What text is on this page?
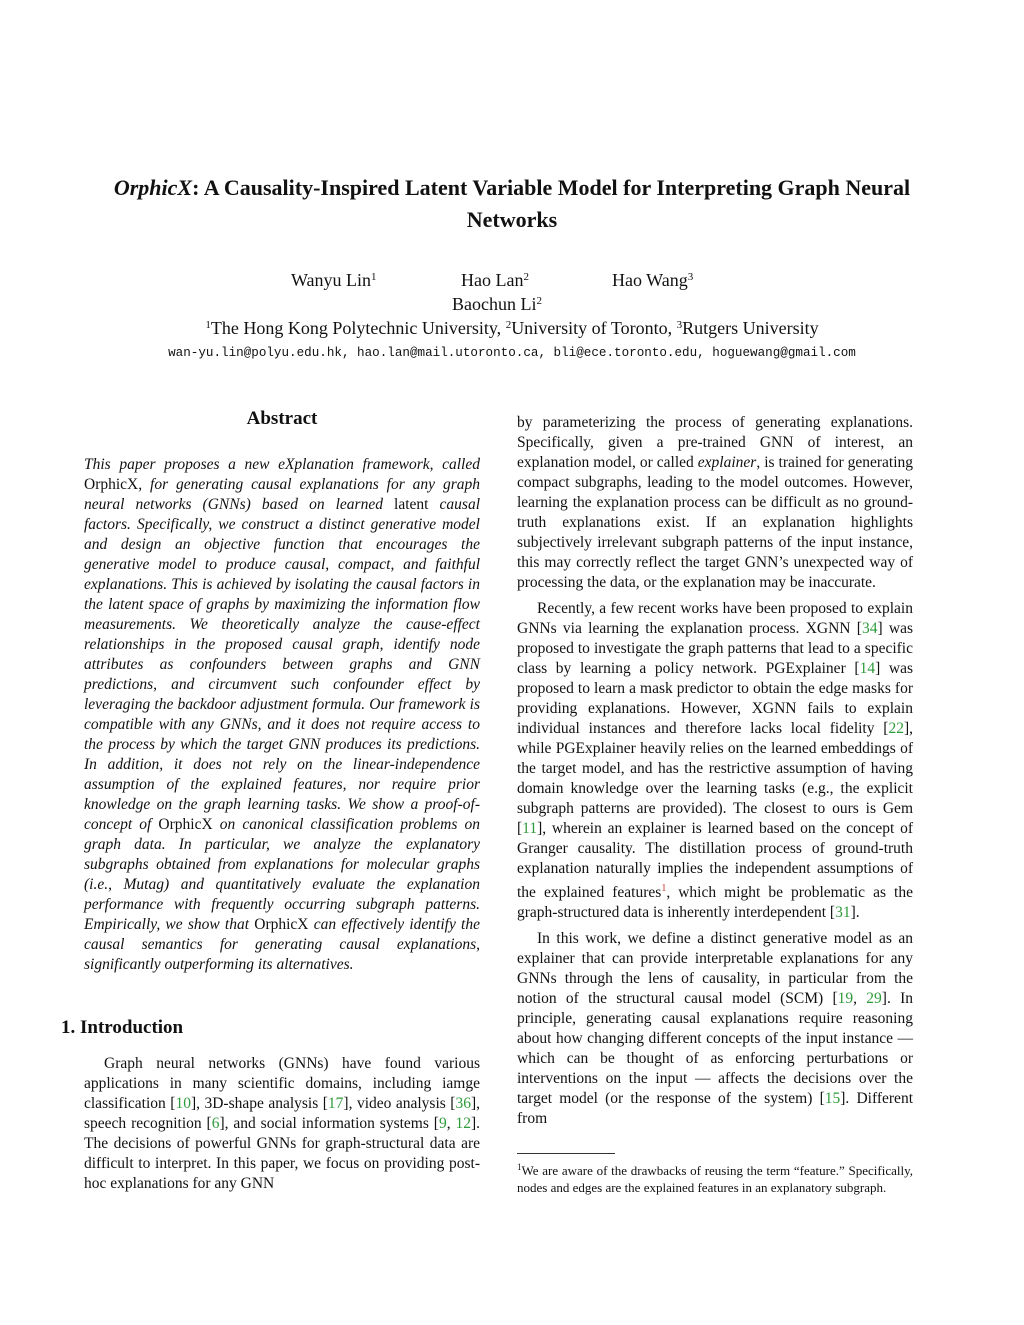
OrphicX: A Causality-Inspired Latent Variable Model for Interpreting Graph Neural Networks
Wanyu Lin$^1$	Hao Lan$^2$	Hao Wang$^3$
Baochun Li$^2$
$^1$The Hong Kong Polytechnic University, $^2$University of Toronto, $^3$Rutgers University
wan-yu.lin@polyu.edu.hk, hao.lan@mail.utoronto.ca, bli@ece.toronto.edu, hoguewang@gmail.com
Abstract
This paper proposes a new eXplanation framework, called OrphicX, for generating causal explanations for any graph neural networks (GNNs) based on learned latent causal factors. Specifically, we construct a distinct generative model and design an objective function that encourages the generative model to produce causal, compact, and faithful explanations. This is achieved by isolating the causal factors in the latent space of graphs by maximizing the information flow measurements. We theoretically analyze the cause-effect relationships in the proposed causal graph, identify node attributes as confounders between graphs and GNN predictions, and circumvent such confounder effect by leveraging the backdoor adjustment formula. Our framework is compatible with any GNNs, and it does not require access to the process by which the target GNN produces its predictions. In addition, it does not rely on the linear-independence assumption of the explained features, nor require prior knowledge on the graph learning tasks. We show a proof-of-concept of OrphicX on canonical classification problems on graph data. In particular, we analyze the explanatory subgraphs obtained from explanations for molecular graphs (i.e., Mutag) and quantitatively evaluate the explanation performance with frequently occurring subgraph patterns. Empirically, we show that OrphicX can effectively identify the causal semantics for generating causal explanations, significantly outperforming its alternatives.
1. Introduction

Graph neural networks (GNNs) have found various applications in many scientific domains, including iamge classification [10], 3D-shape analysis [17], video analysis [36], speech recognition [6], and social information systems [9, 12]. The decisions of powerful GNNs for graph-structural data are difficult to interpret. In this paper, we focus on providing post-hoc explanations for any GNN

by parameterizing the process of generating explanations. Specifically, given a pre-trained GNN of interest, an explanation model, or called explainer, is trained for generating compact subgraphs, leading to the model outcomes. However, learning the explanation process can be difficult as no ground-truth explanations exist. If an explanation highlights subjectively irrelevant subgraph patterns of the input instance, this may correctly reflect the target GNN’s unexpected way of processing the data, or the explanation may be inaccurate.

Recently, a few recent works have been proposed to explain GNNs via learning the explanation process. XGNN [34] was proposed to investigate the graph patterns that lead to a specific class by learning a policy network. PGExplainer [14] was proposed to learn a mask predictor to obtain the edge masks for providing explanations. However, XGNN fails to explain individual instances and therefore lacks local fidelity [22], while PGExplainer heavily relies on the learned embeddings of the target model, and has the restrictive assumption of having domain knowledge over the learning tasks (e.g., the explicit subgraph patterns are provided). The closest to ours is Gem [11], wherein an explainer is learned based on the concept of Granger causality. The distillation process of ground-truth explanation naturally implies the independent assumptions of the explained features$^1$, which might be problematic as the graph-structured data is inherently interdependent [31].

In this work, we define a distinct generative model as an explainer that can provide interpretable explanations for any GNNs through the lens of causality, in particular from the notion of the structural causal model (SCM) [19, 29]. In principle, generating causal explanations require reasoning about how changing different concepts of the input instance — which can be thought of as enforcing perturbations or interventions on the input — affects the decisions over the target model (or the response of the system) [15]. Different from

$^1$We are aware of the drawbacks of reusing the term “feature.” Specifically, nodes and edges are the explained features in an explanatory subgraph.
